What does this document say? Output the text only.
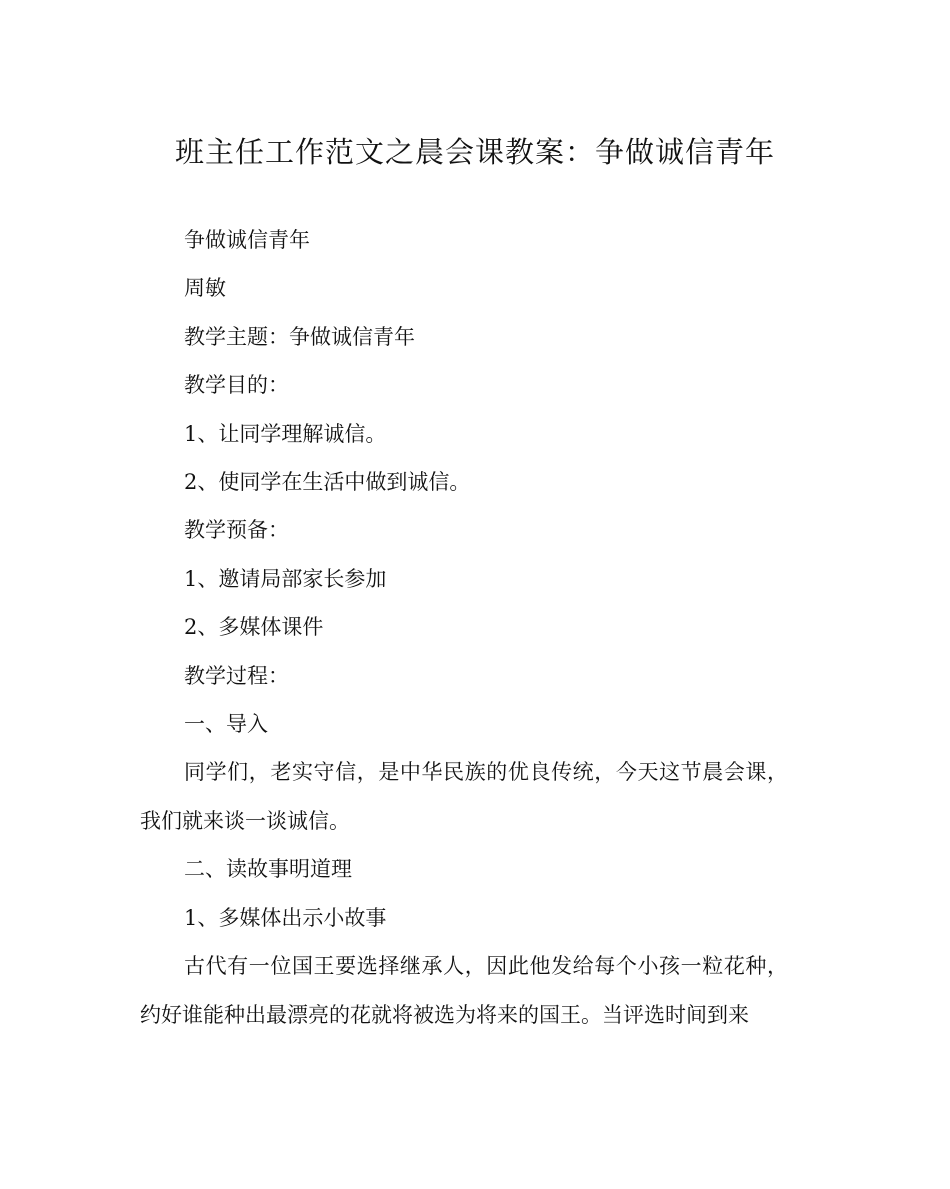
班主任工作范文之晨会课教案：争做诚信青年

争做诚信青年

周敏

教学主题：争做诚信青年

教学目的：

1、让同学理解诚信。

2、使同学在生活中做到诚信。

教学预备：

1、邀请局部家长参加

2、多媒体课件

教学过程：

一、导入

同学们，老实守信，是中华民族的优良传统，今天这节晨会课，我们就来谈一谈诚信。

二、读故事明道理

1、多媒体出示小故事

古代有一位国王要选择继承人，因此他发给每个小孩一粒花种，约好谁能种出最漂亮的花就将被选为将来的国王。当评选时间到来
